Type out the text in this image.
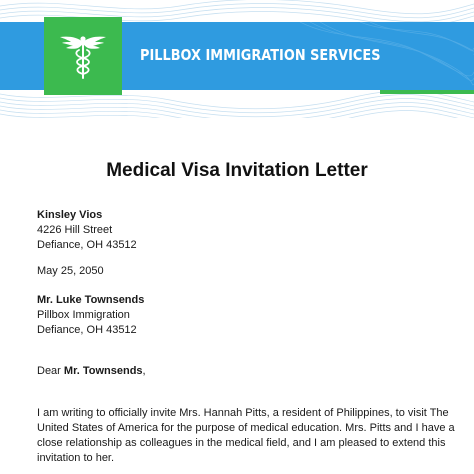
PILLBOX IMMIGRATION SERVICES
Medical Visa Invitation Letter
Kinsley Vios
4226 Hill Street
Defiance, OH 43512
May 25, 2050
Mr. Luke Townsends
Pillbox Immigration
Defiance, OH 43512
Dear Mr. Townsends,
I am writing to officially invite Mrs. Hannah Pitts, a resident of Philippines, to visit The
United States of America for the purpose of medical education. Mrs. Pitts and I have a
close relationship as colleagues in the medical field, and I am pleased to extend this
invitation to her.
